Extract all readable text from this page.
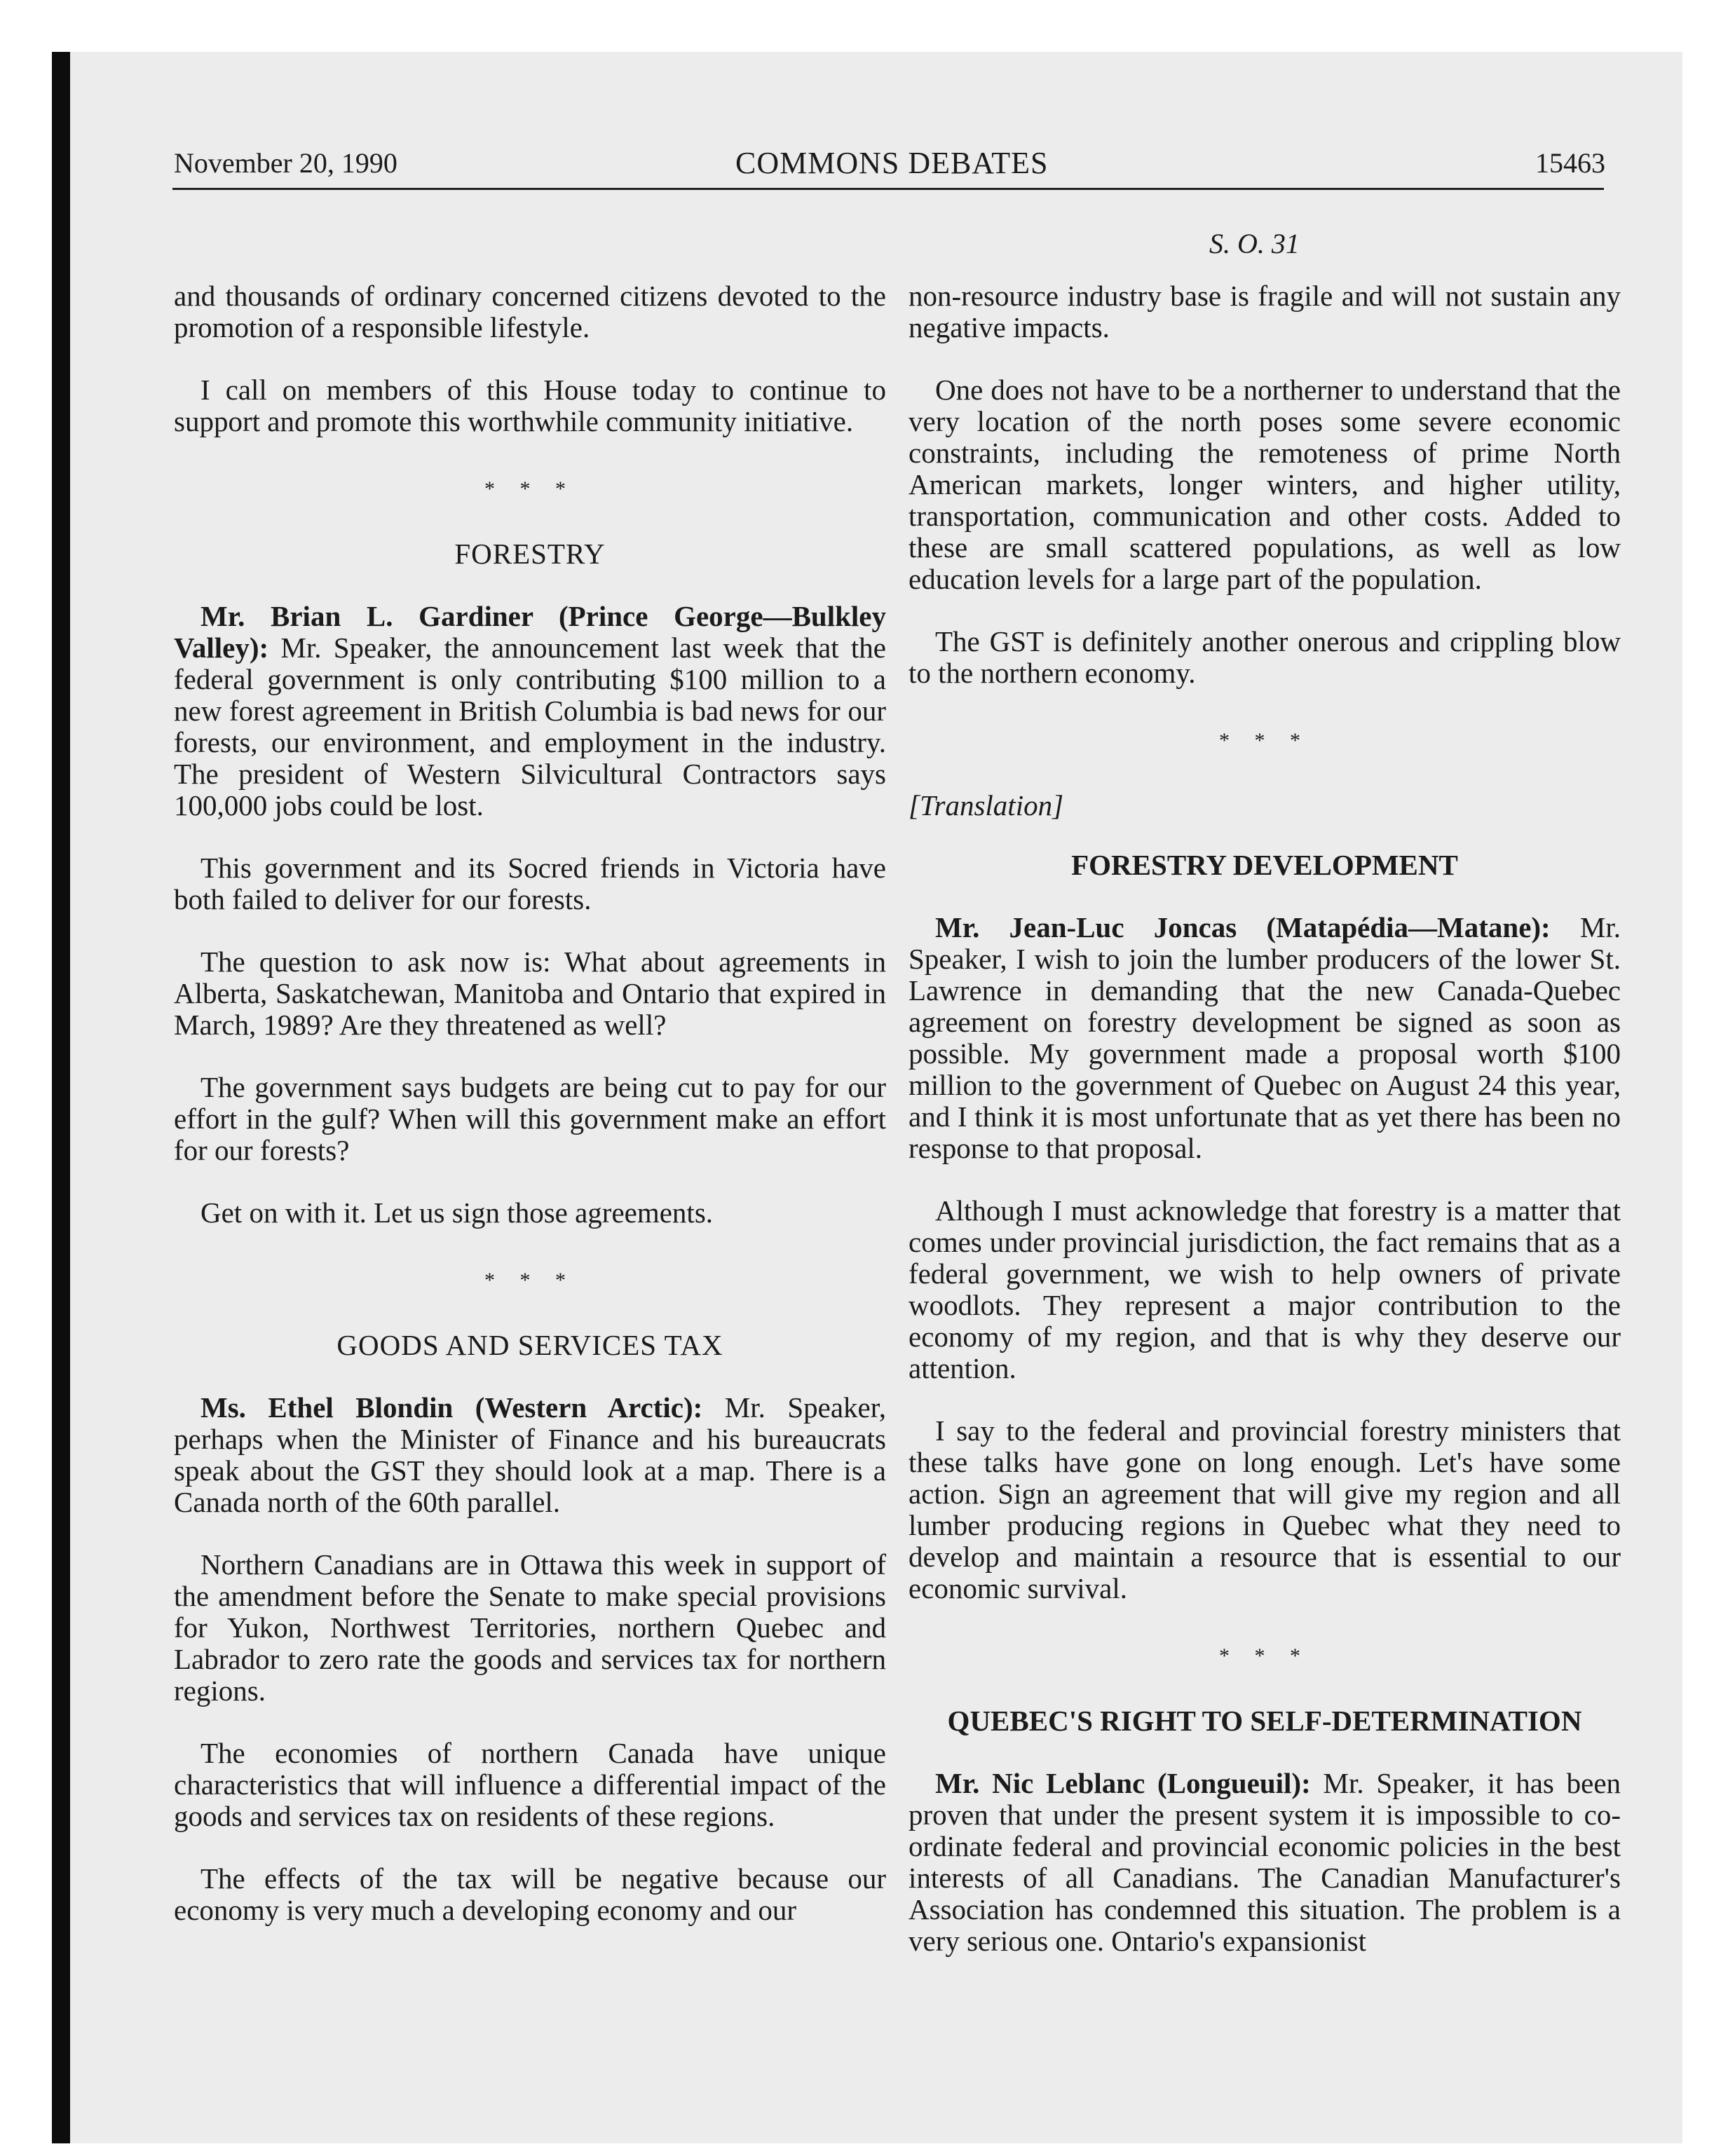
November 20, 1990	COMMONS DEBATES	15463
S. O. 31

and thousands of ordinary concerned citizens devoted to the promotion of a responsible lifestyle.

I call on members of this House today to continue to support and promote this worthwhile community initiative.

* * *
FORESTRY

Mr. Brian L. Gardiner (Prince George—Bulkley Valley): Mr. Speaker, the announcement last week that the federal government is only contributing $100 million to a new forest agreement in British Columbia is bad news for our forests, our environment, and employment in the industry. The president of Western Silvicultural Contractors says 100,000 jobs could be lost.

This government and its Socred friends in Victoria have both failed to deliver for our forests.

The question to ask now is: What about agreements in Alberta, Saskatchewan, Manitoba and Ontario that expired in March, 1989? Are they threatened as well?

The government says budgets are being cut to pay for our effort in the gulf? When will this government make an effort for our forests?

Get on with it. Let us sign those agreements.

* * *
GOODS AND SERVICES TAX

Ms. Ethel Blondin (Western Arctic): Mr. Speaker, perhaps when the Minister of Finance and his bureaucrats speak about the GST they should look at a map. There is a Canada north of the 60th parallel.

Northern Canadians are in Ottawa this week in support of the amendment before the Senate to make special provisions for Yukon, Northwest Territories, northern Quebec and Labrador to zero rate the goods and services tax for northern regions.

The economies of northern Canada have unique characteristics that will influence a differential impact of the goods and services tax on residents of these regions.

The effects of the tax will be negative because our economy is very much a developing economy and our

non-resource industry base is fragile and will not sustain any negative impacts.

One does not have to be a northerner to understand that the very location of the north poses some severe economic constraints, including the remoteness of prime North American markets, longer winters, and higher utility, transportation, communication and other costs. Added to these are small scattered populations, as well as low education levels for a large part of the population.

The GST is definitely another onerous and crippling blow to the northern economy.

* * *

[Translation]

FORESTRY DEVELOPMENT

Mr. Jean-Luc Joncas (Matapédia—Matane): Mr. Speaker, I wish to join the lumber producers of the lower St. Lawrence in demanding that the new Canada-Quebec agreement on forestry development be signed as soon as possible. My government made a proposal worth $100 million to the government of Quebec on August 24 this year, and I think it is most unfortunate that as yet there has been no response to that proposal.

Although I must acknowledge that forestry is a matter that comes under provincial jurisdiction, the fact remains that as a federal government, we wish to help owners of private woodlots. They represent a major contribution to the economy of my region, and that is why they deserve our attention.

I say to the federal and provincial forestry ministers that these talks have gone on long enough. Let's have some action. Sign an agreement that will give my region and all lumber producing regions in Quebec what they need to develop and maintain a resource that is essential to our economic survival.

* * *
QUEBEC'S RIGHT TO SELF-DETERMINATION

Mr. Nic Leblanc (Longueuil): Mr. Speaker, it has been proven that under the present system it is impossible to co-ordinate federal and provincial economic policies in the best interests of all Canadians. The Canadian Manufacturer's Association has condemned this situation. The problem is a very serious one. Ontario's expansionist
